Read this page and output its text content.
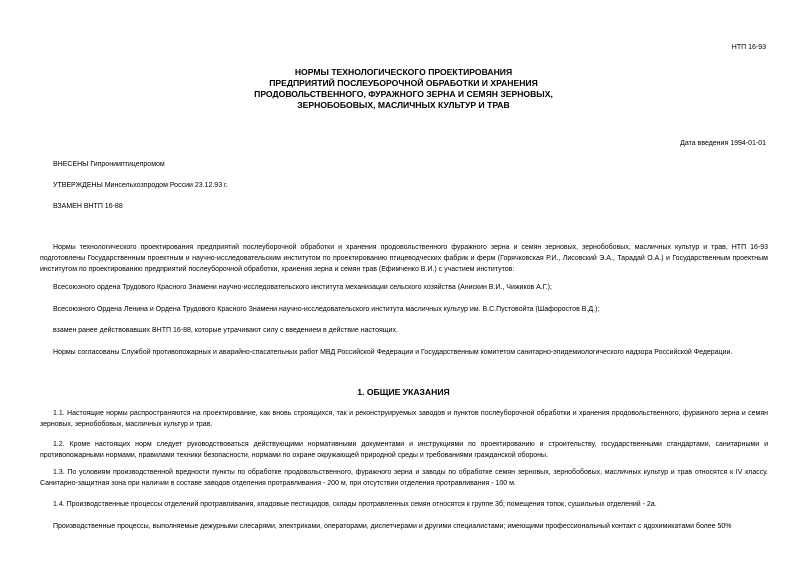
НТП 16-93
НОРМЫ ТЕХНОЛОГИЧЕСКОГО ПРОЕКТИРОВАНИЯ
ПРЕДПРИЯТИЙ ПОСЛЕУБОРОЧНОЙ ОБРАБОТКИ И ХРАНЕНИЯ
ПРОДОВОЛЬСТВЕННОГО, ФУРАЖНОГО ЗЕРНА И СЕМЯН ЗЕРНОВЫХ,
ЗЕРНОБОБОВЫХ, МАСЛИЧНЫХ КУЛЬТУР И ТРАВ
Дата введения 1994-01-01
ВНЕСЕНЫ Гипронииптицепромом
УТВЕРЖДЕНЫ Минсельхозпродом России 23.12.93 г.
ВЗАМЕН ВНТП 16-88

Нормы технологического проектирования предприятий послеуборочной обработки и хранения продовольственного фуражного зерна и семян зерновых, зернобобовых, масличных культур и трав, НТП 16-93 подготовлены Государственным проектным и научно-исследовательским институтом по проектированию птицеводческих фабрик и ферм (Горячковская Р.И., Лисовский Э.А., Тарадай О.А.) и Государственным проектным институтом по проектированию предприятий послеуборочной обработки, хранения зерна и семян трав (Ефимченко В.И.) с участием институтов:

Всесоюзного ордена Трудового Красного Знамени научно-исследовательского института механизации сельского хозяйства (Анискин В.И., Чижиков А.Г.);
Всесоюзного Ордена Ленина и Ордена Трудового Красного Знамени научно-исследовательского института масличных культур им. В.С.Пустовойта (Шафоростов В.Д.);
взамен ранее действовавших ВНТП 16-88, которые утрачивают силу с введением в действие настоящих.
Нормы согласованы Службой противопожарных и аварийно-спасательных работ МВД Российской Федерации и Государственным комитетом санитарно-эпидемиологического надзора Российской Федерации.
1. ОБЩИЕ УКАЗАНИЯ

1.1. Настоящие нормы распространяются на проектирование, как вновь строящихся, так и реконструируемых заводов и пунктов послеуборочной обработки и хранения продовольственного, фуражного зерна и семян зерновых, зернобобовых, масличных культур и трав.

1.2. Кроме настоящих норм следует руководствоваться действующими нормативными документами и инструкциями по проектированию и строительству, государственными стандартами, санитарными и противопожарными нормами, правилами техники безопасности, нормами по охране окружающей природной среды и требованиями гражданской обороны.

1.3. По условиям производственной вредности пункты по обработке продовольственного, фуражного зерна и заводы по обработке семян зерновых, зернобобовых, масличных культур и трав относятся к IV классу. Санитарно-защитная зона при наличии в составе заводов отделения протравливания - 200 м, при отсутствии отделения протравливания - 100 м.

1.4. Производственные процессы отделений протравливания, кладовые пестицидов, склады протравленных семян относятся к группе 3б; помещения топок, сушильных отделений - 2а.

Производственные процессы, выполняемые дежурными слесарями, электриками, операторами, диспетчерами и другими специалистами; имеющими профессиональный контакт с ядохимикатами более 50%
